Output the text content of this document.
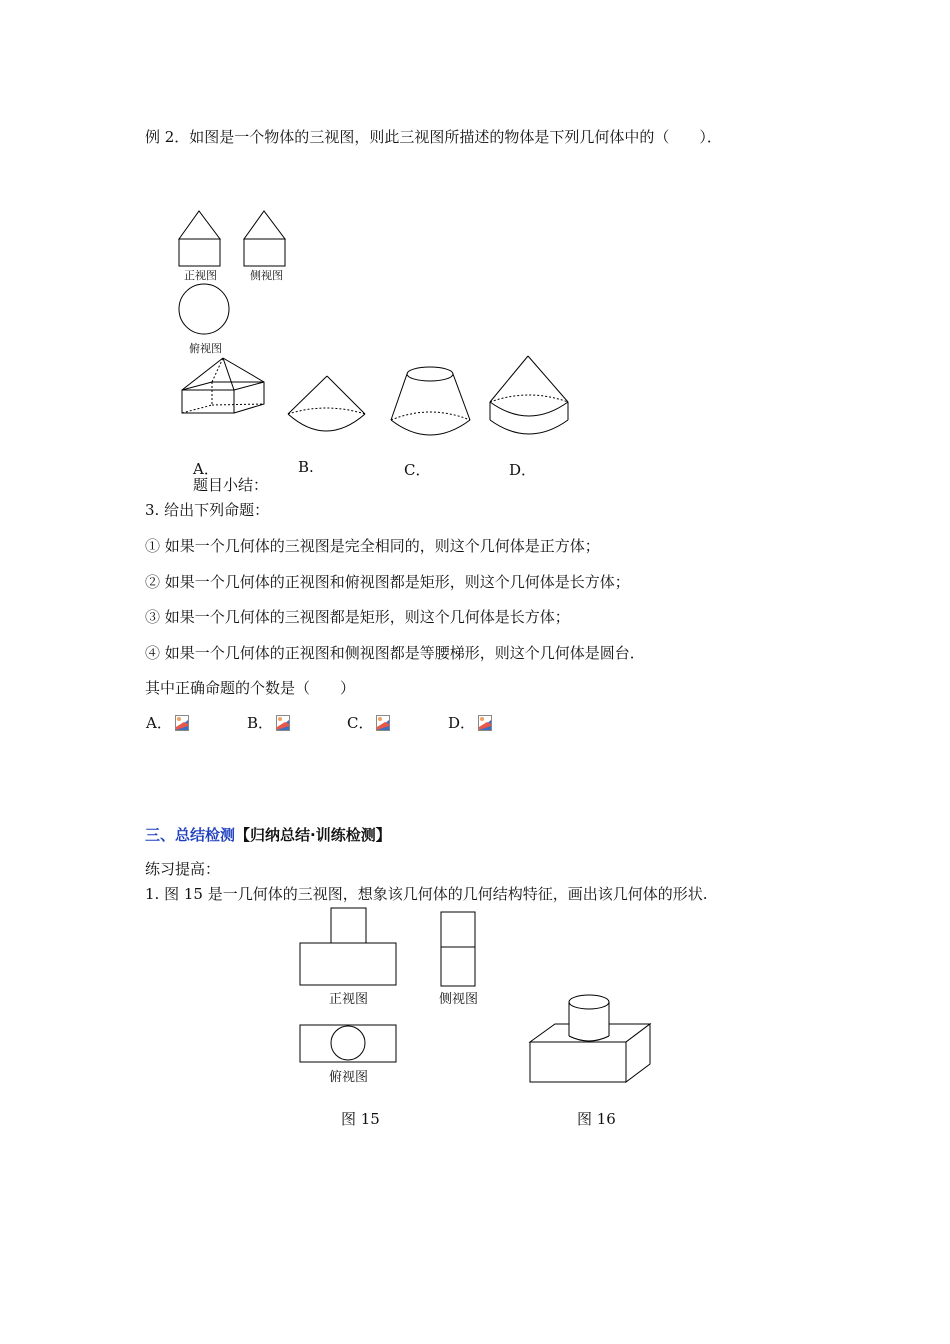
例 2．如图是一个物体的三视图，则此三视图所描述的物体是下列几何体中的（　　）．
正视图	侧视图
俯视图
A．	B.	C．	D．
题目小结：
3. 给出下列命题：
① 如果一个几何体的三视图是完全相同的，则这个几何体是正方体；
② 如果一个几何体的正视图和俯视图都是矩形，则这个几何体是长方体；
③ 如果一个几何体的三视图都是矩形，则这个几何体是长方体；
④ 如果一个几何体的正视图和侧视图都是等腰梯形，则这个几何体是圆台．
其中正确命题的个数是（　　）
A．	B．	C．	D．
三、总结检测【归纳总结·训练检测】
练习提高：
1. 图 15 是一几何体的三视图，想象该几何体的几何结构特征，画出该几何体的形状.
正视图	侧视图
俯视图
图 15	图 16
